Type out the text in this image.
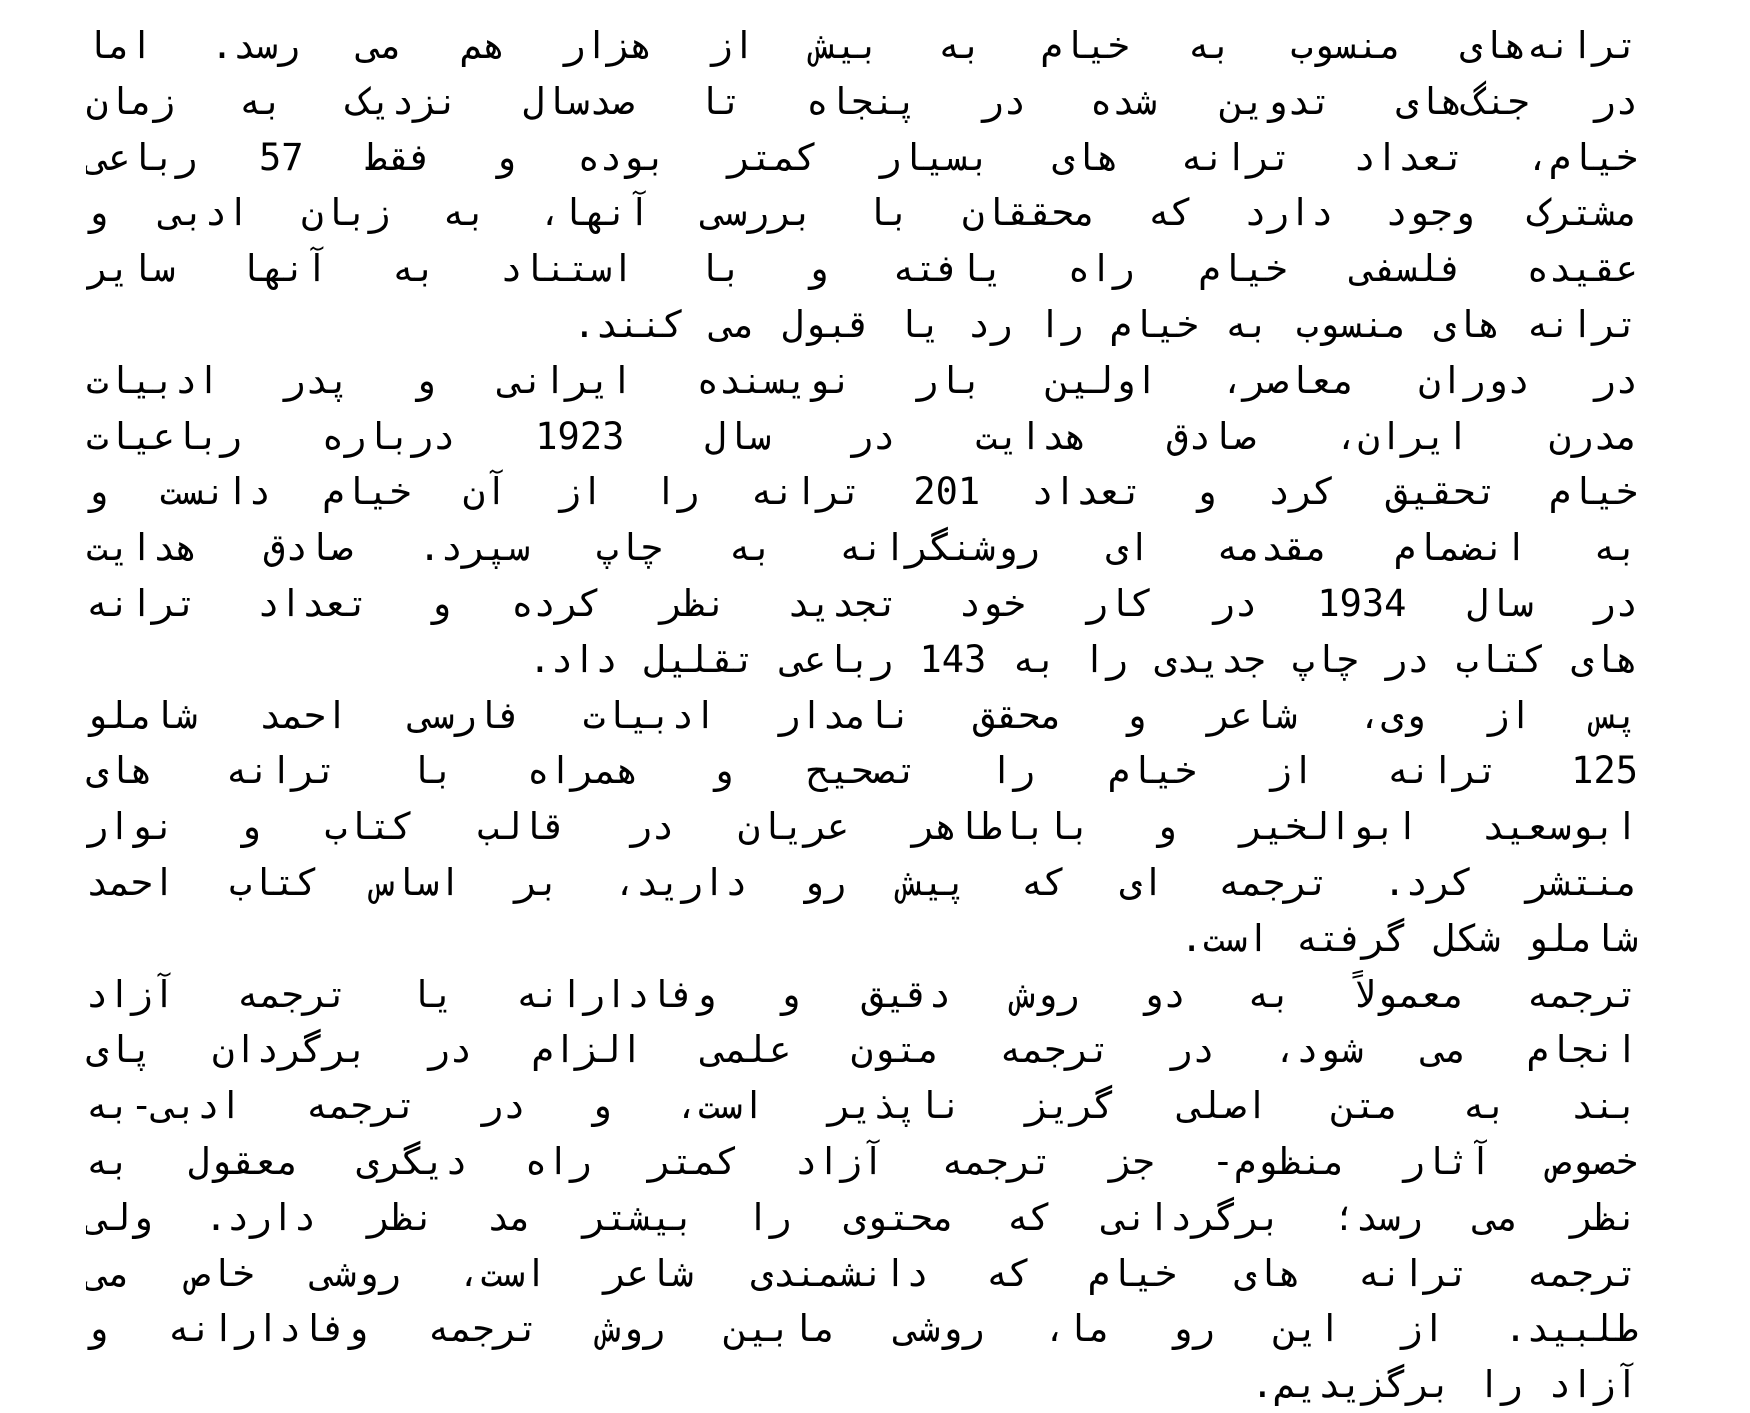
ترانه‌های منسوب به خیام به بیش از هزار هم می رسد. اما
در جنگ‌های تدوین شده در پنجاه تا صدسال نزدیک به زمان
خیام، تعداد ترانه های بسیار کمتر بوده و فقط 57 رباعی
مشترک وجود دارد که محققان با بررسی آنها، به زبان ادبی و
عقیده فلسفی خیام راه یافته و با استناد به آنها سایر
ترانه های منسوب به خیام را رد یا قبول می کنند.
در دوران معاصر، اولین بار نویسنده ایرانی و پدر ادبیات
مدرن ایران، صادق هدایت در سال 1923 درباره رباعیات
خیام تحقیق کرد و تعداد 201 ترانه را از آن خیام دانست و
به انضمام مقدمه ای روشنگرانه به چاپ سپرد. صادق هدایت
در سال 1934 در کار خود تجدید نظر کرده و تعداد ترانه
های کتاب در چاپ جدیدی را به 143 رباعی تقلیل داد.
پس از وی، شاعر و محقق نامدار ادبیات فارسی احمد شاملو
125 ترانه از خیام را تصحیح و همراه با ترانه های
ابوسعید ابوالخیر و باباطاهر عریان در قالب کتاب و نوار
منتشر کرد. ترجمه ای که پیش رو دارید، بر اساس کتاب احمد
شاملو شکل گرفته است.
ترجمه معمولاً به دو روش دقیق و وفادارانه یا ترجمه آزاد
انجام می شود، در ترجمه متون علمی الزام در برگردان پای
بند به متن اصلی گریز ناپذیر است، و در ترجمه ادبی-به
خصوص آثار منظوم- جز ترجمه آزاد کمتر راه دیگری معقول به
نظر می رسد؛ برگردانی که محتوی را بیشتر مد نظر دارد. ولی
ترجمه ترانه های خیام که دانشمندی شاعر است، روشی خاص می
طلبید. از این رو ما، روشی مابین روش ترجمه وفادارانه و
آزاد را برگزیدیم.
